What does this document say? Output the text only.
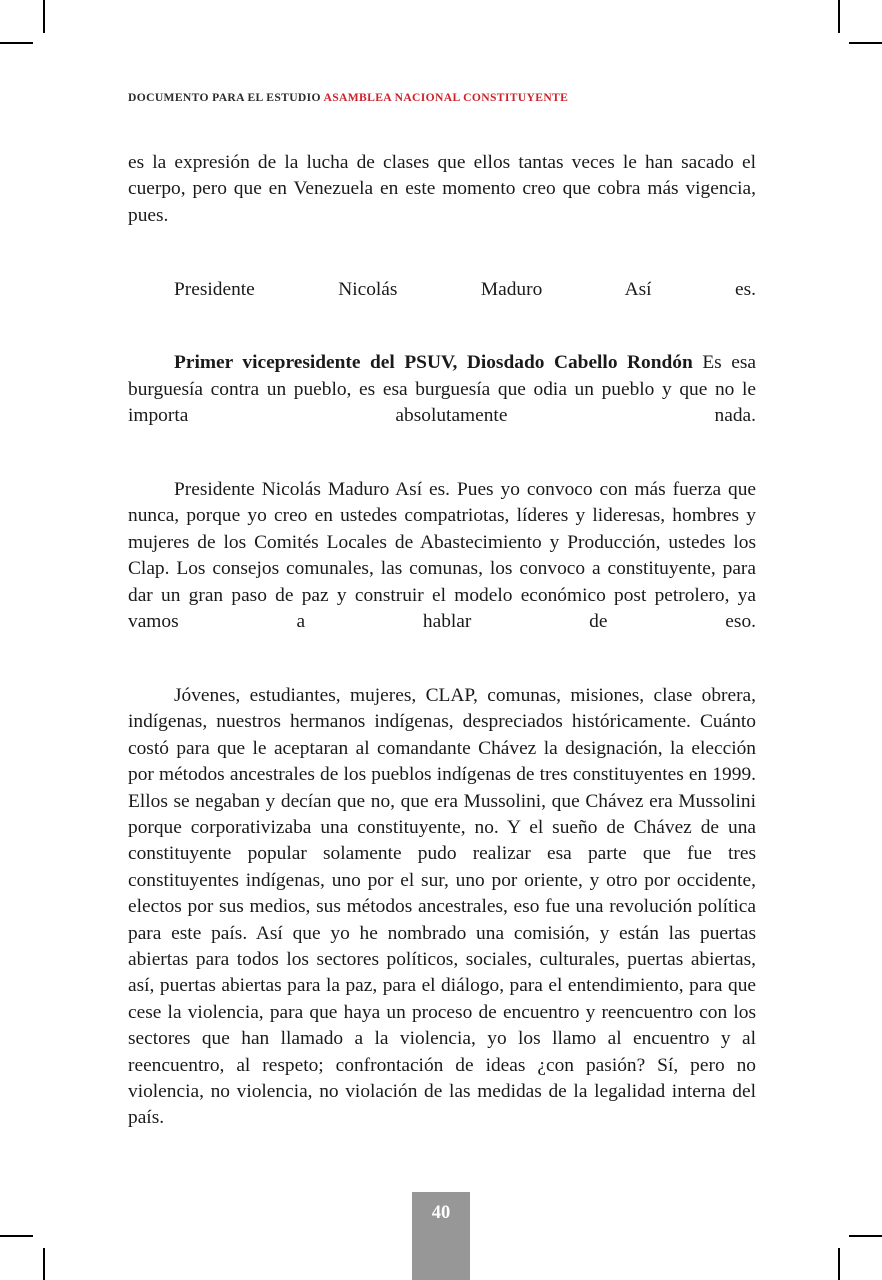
DOCUMENTO PARA EL ESTUDIO ASAMBLEA NACIONAL CONSTITUYENTE

es la expresión de la lucha de clases que ellos tantas veces le han sacado el cuerpo, pero que en Venezuela en este momento creo que cobra más vigencia, pues.

Presidente Nicolás Maduro Así es.

Primer vicepresidente del PSUV, Diosdado Cabello Rondón Es esa burguesía contra un pueblo, es esa burguesía que odia un pueblo y que no le importa absolutamente nada.

Presidente Nicolás Maduro Así es. Pues yo convoco con más fuerza que nunca, porque yo creo en ustedes compatriotas, líderes y lideresas, hombres y mujeres de los Comités Locales de Abastecimiento y Producción, ustedes los Clap. Los consejos comunales, las comunas, los convoco a constituyente, para dar un gran paso de paz y construir el modelo económico post petrolero, ya vamos a hablar de eso.

Jóvenes, estudiantes, mujeres, CLAP, comunas, misiones, clase obrera, indígenas, nuestros hermanos indígenas, despreciados históricamente. Cuánto costó para que le aceptaran al comandante Chávez la designación, la elección por métodos ancestrales de los pueblos indígenas de tres constituyentes en 1999. Ellos se negaban y decían que no, que era Mussolini, que Chávez era Mussolini porque corporativizaba una constituyente, no. Y el sueño de Chávez de una constituyente popular solamente pudo realizar esa parte que fue tres constituyentes indígenas, uno por el sur, uno por oriente, y otro por occidente, electos por sus medios, sus métodos ancestrales, eso fue una revolución política para este país. Así que yo he nombrado una comisión, y están las puertas abiertas para todos los sectores políticos, sociales, culturales, puertas abiertas, así, puertas abiertas para la paz, para el diálogo, para el entendimiento, para que cese la violencia, para que haya un proceso de encuentro y reencuentro con los sectores que han llamado a la violencia, yo los llamo al encuentro y al reencuentro, al respeto; confrontación de ideas ¿con pasión? Sí, pero no violencia, no violencia, no violación de las medidas de la legalidad interna del país.

40
